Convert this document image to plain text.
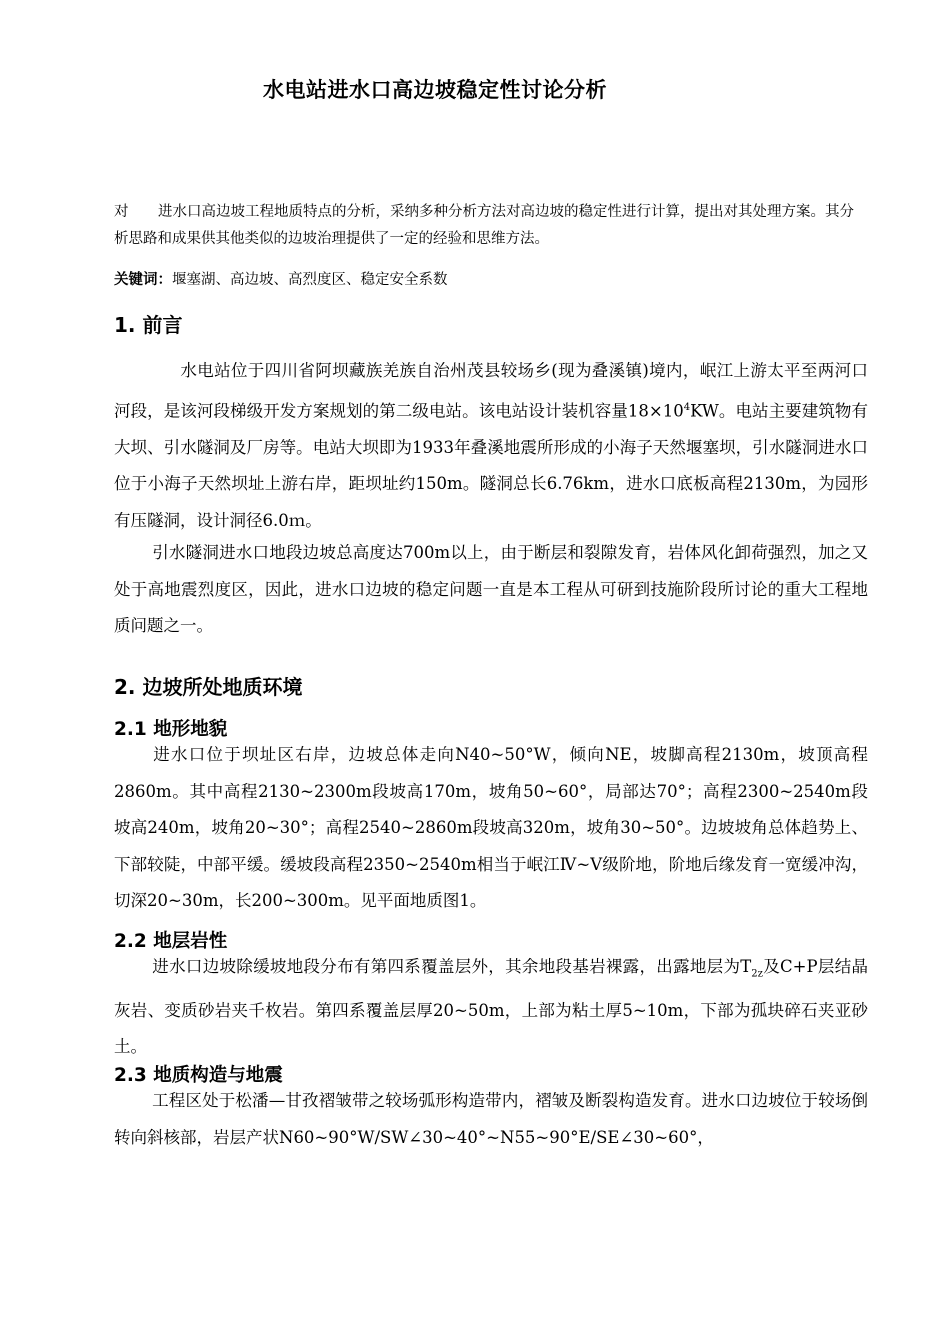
水电站进水口高边坡稳定性讨论分析
对 进水口高边坡工程地质特点的分析，采纳多种分析方法对高边坡的稳定性进行计算，提出对其处理方案。其分析思路和成果供其他类似的边坡治理提供了一定的经验和思维方法。
关键词：堰塞湖、高边坡、高烈度区、稳定安全系数
1. 前言
水电站位于四川省阿坝藏族羌族自治州茂县较场乡(现为叠溪镇)境内，岷江上游太平至两河口河段，是该河段梯级开发方案规划的第二级电站。该电站设计装机容量$18\times 10^4KW$。电站主要建筑物有大坝、引水隧洞及厂房等。电站大坝即为1933年叠溪地震所形成的小海子天然堰塞坝，引水隧洞进水口位于小海子天然坝址上游右岸，距坝址约150m。隧洞总长6.76km，进水口底板高程2130m，为园形有压隧洞，设计洞径6.0ｍ。
引水隧洞进水口地段边坡总高度达700m以上，由于断层和裂隙发育，岩体风化卸荷强烈，加之又处于高地震烈度区，因此，进水口边坡的稳定问题一直是本工程从可研到技施阶段所讨论的重大工程地质问题之一。
2. 边坡所处地质环境
2.1 地形地貌
进水口位于坝址区右岸，边坡总体走向N40~50°W，倾向NE，坡脚高程2130m，坡顶高程2860m。其中高程2130~2300m段坡高170m，坡角50~60°，局部达70°；高程2300~2540m段坡高240m，坡角20~30°；高程2540~2860m段坡高320m，坡角30~50°。边坡坡角总体趋势上、下部较陡，中部平缓。缓坡段高程2350~2540m相当于岷江Ⅳ~Ⅴ级阶地，阶地后缘发育一宽缓冲沟，切深20~30m，长200~300m。见平面地质图1。
2.2 地层岩性
进水口边坡除缓坡地段分布有第四系覆盖层外，其余地段基岩裸露，出露地层为$T_{2z}$及C+P层结晶灰岩、变质砂岩夹千枚岩。第四系覆盖层厚20~50m，上部为粘土厚5~10m，下部为孤块碎石夹亚砂土。
2.3 地质构造与地震
工程区处于松潘—甘孜褶皱带之较场弧形构造带内，褶皱及断裂构造发育。进水口边坡位于较场倒转向斜核部，岩层产状N60~90°W/SW∠30~40°~N55~90°E/SE∠30~60°，
